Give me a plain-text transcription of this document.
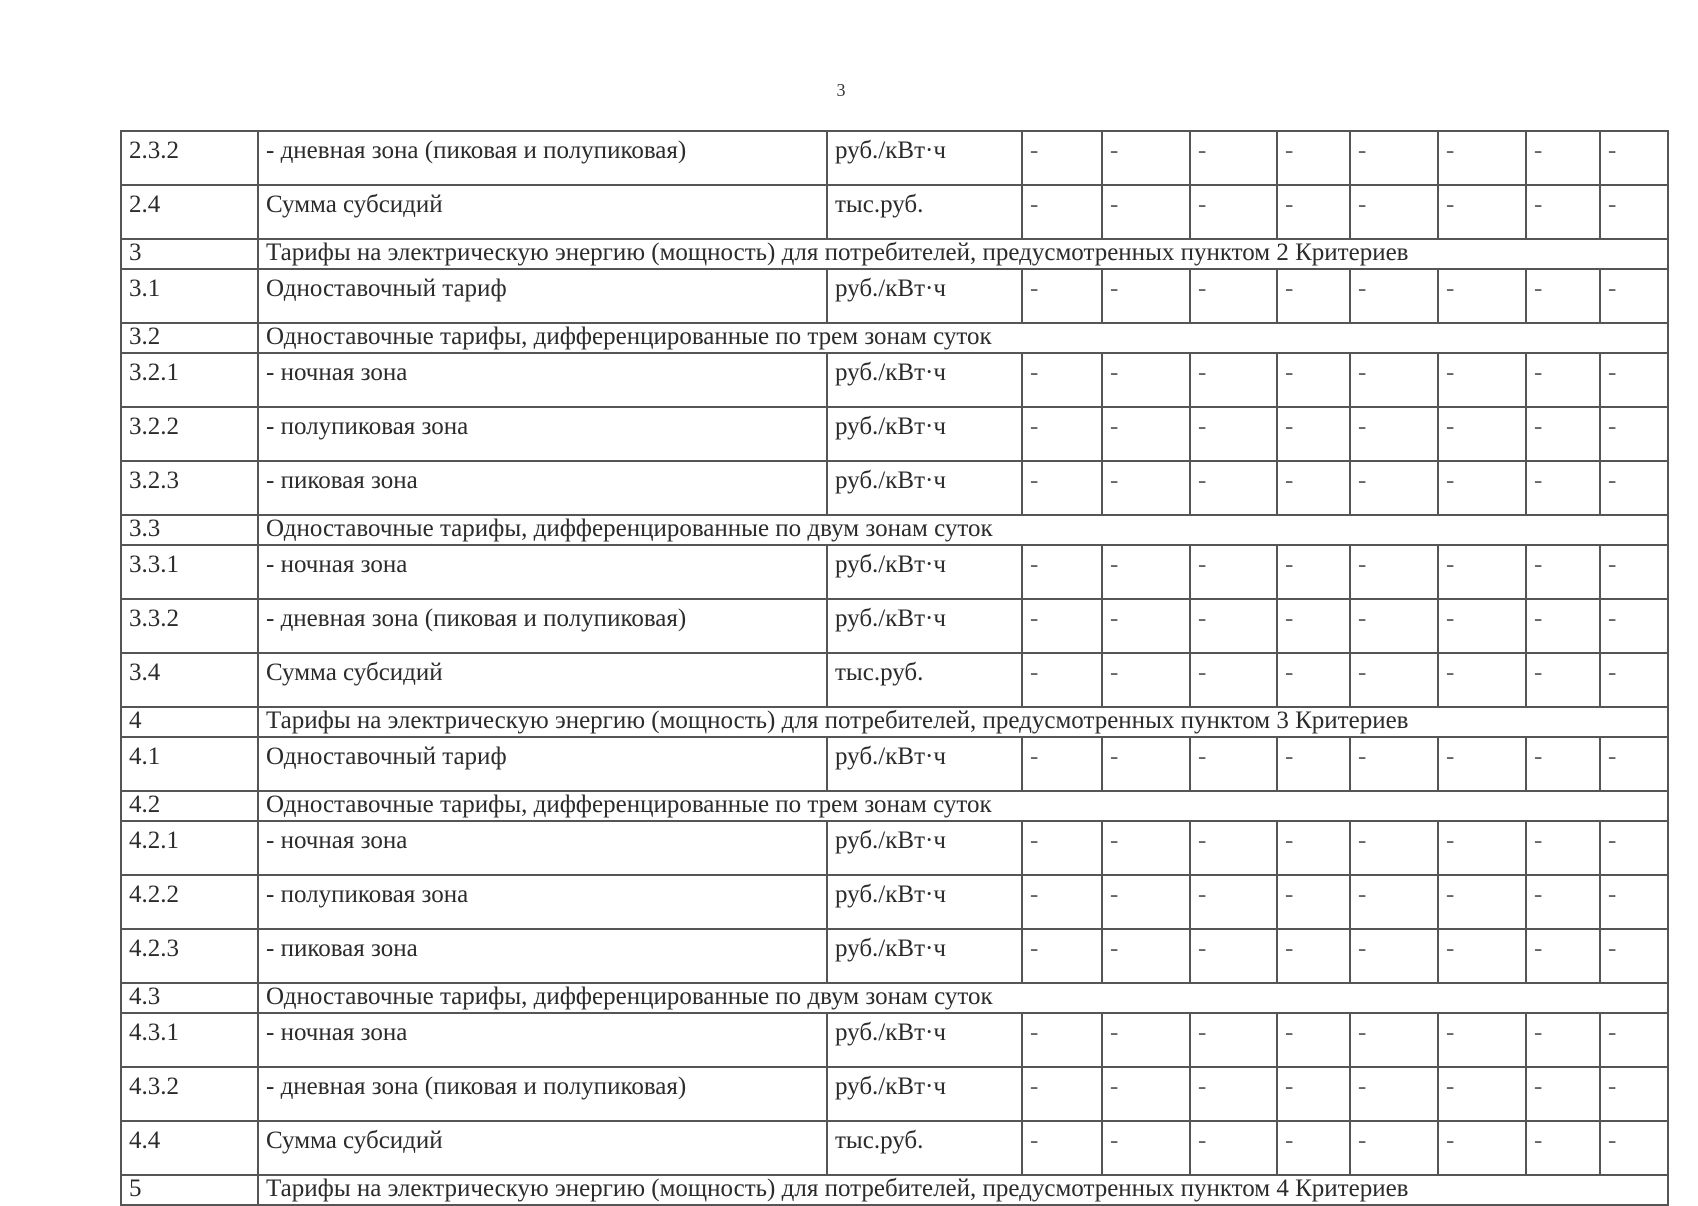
3
2.3.2	- дневная зона (пиковая и полупиковая)	руб./кВт·ч	-	-	-	-	-	-	-	-
2.4	Сумма субсидий	тыс.руб.	-	-	-	-	-	-	-	-
3	Тарифы на электрическую энергию (мощность) для потребителей, предусмотренных пунктом 2 Критериев									
3.1	Одноставочный тариф	руб./кВт·ч	-	-	-	-	-	-	-	-
3.2	Одноставочные тарифы, дифференцированные по трем зонам суток									
3.2.1	- ночная зона	руб./кВт·ч	-	-	-	-	-	-	-	-
3.2.2	- полупиковая зона	руб./кВт·ч	-	-	-	-	-	-	-	-
3.2.3	- пиковая зона	руб./кВт·ч	-	-	-	-	-	-	-	-
3.3	Одноставочные тарифы, дифференцированные по двум зонам суток									
3.3.1	- ночная зона	руб./кВт·ч	-	-	-	-	-	-	-	-
3.3.2	- дневная зона (пиковая и полупиковая)	руб./кВт·ч	-	-	-	-	-	-	-	-
3.4	Сумма субсидий	тыс.руб.	-	-	-	-	-	-	-	-
4	Тарифы на электрическую энергию (мощность) для потребителей, предусмотренных пунктом 3 Критериев									
4.1	Одноставочный тариф	руб./кВт·ч	-	-	-	-	-	-	-	-
4.2	Одноставочные тарифы, дифференцированные по трем зонам суток									
4.2.1	- ночная зона	руб./кВт·ч	-	-	-	-	-	-	-	-
4.2.2	- полупиковая зона	руб./кВт·ч	-	-	-	-	-	-	-	-
4.2.3	- пиковая зона	руб./кВт·ч	-	-	-	-	-	-	-	-
4.3	Одноставочные тарифы, дифференцированные по двум зонам суток									
4.3.1	- ночная зона	руб./кВт·ч	-	-	-	-	-	-	-	-
4.3.2	- дневная зона (пиковая и полупиковая)	руб./кВт·ч	-	-	-	-	-	-	-	-
4.4	Сумма субсидий	тыс.руб.	-	-	-	-	-	-	-	-
5	Тарифы на электрическую энергию (мощность) для потребителей, предусмотренных пунктом 4 Критериев									
